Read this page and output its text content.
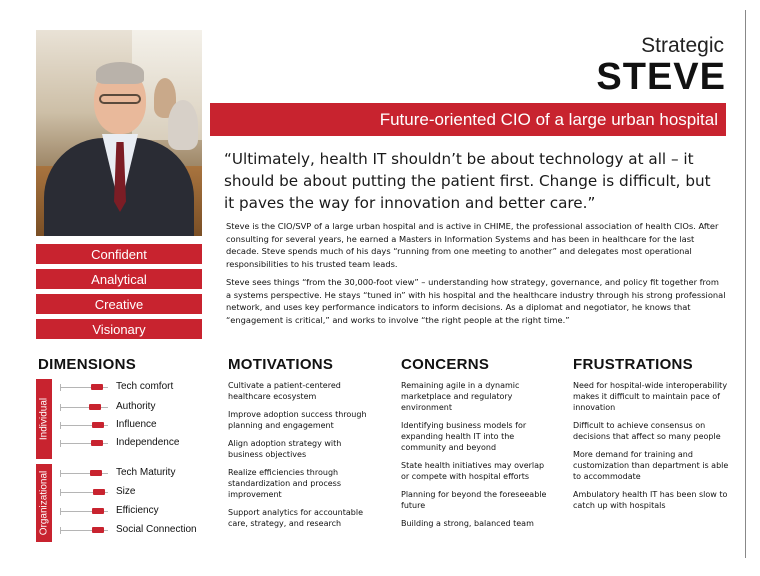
Strategic
STEVE
Future-oriented CIO of a large urban hospital
“Ultimately, health IT shouldn’t be about technology at all – it should be about putting the patient first. Change is difficult, but it paves the way for innovation and better care.”
Steve is the CIO/SVP of a large urban hospital and is active in CHIME, the professional association of health CIOs. After consulting for several years, he earned a Masters in Information Systems and has been in healthcare for the last decade. Steve spends much of his days “running from one meeting to another” and delegates most operational responsibilities to his trusted team leads.
Steve sees things “from the 30,000-foot view” – understanding how strategy, governance, and policy fit together from a systems perspective. He stays “tuned in” with his hospital and the healthcare industry through his strong professional network, and uses key performance indicators to inform decisions. As a diplomat and negotiator, he knows that “engagement is critical,” and works to involve “the right people at the right time.”
Confident
Analytical
Creative
Visionary
DIMENSIONS	MOTIVATIONS	CONCERNS	FRUSTRATIONS
Individual
Organizational
Tech comfort
Authority
Influence
Independence
Tech Maturity
Size
Efficiency
Social Connection
Cultivate a patient-centered healthcare ecosystem
Improve adoption success through planning and engagement
Align adoption strategy with business objectives
Realize efficiencies through standardization and process improvement
Support analytics for accountable care, strategy, and research
Remaining agile in a dynamic marketplace and regulatory environment
Identifying business models for expanding health IT into the community and beyond
State health initiatives may overlap or compete with hospital efforts
Planning for beyond the foreseeable future
Building a strong, balanced team
Need for hospital-wide interoperability makes it difficult to maintain pace of innovation
Difficult to achieve consensus on decisions that affect so many people
More demand for training and customization than department is able to accommodate
Ambulatory health IT has been slow to catch up with hospitals
